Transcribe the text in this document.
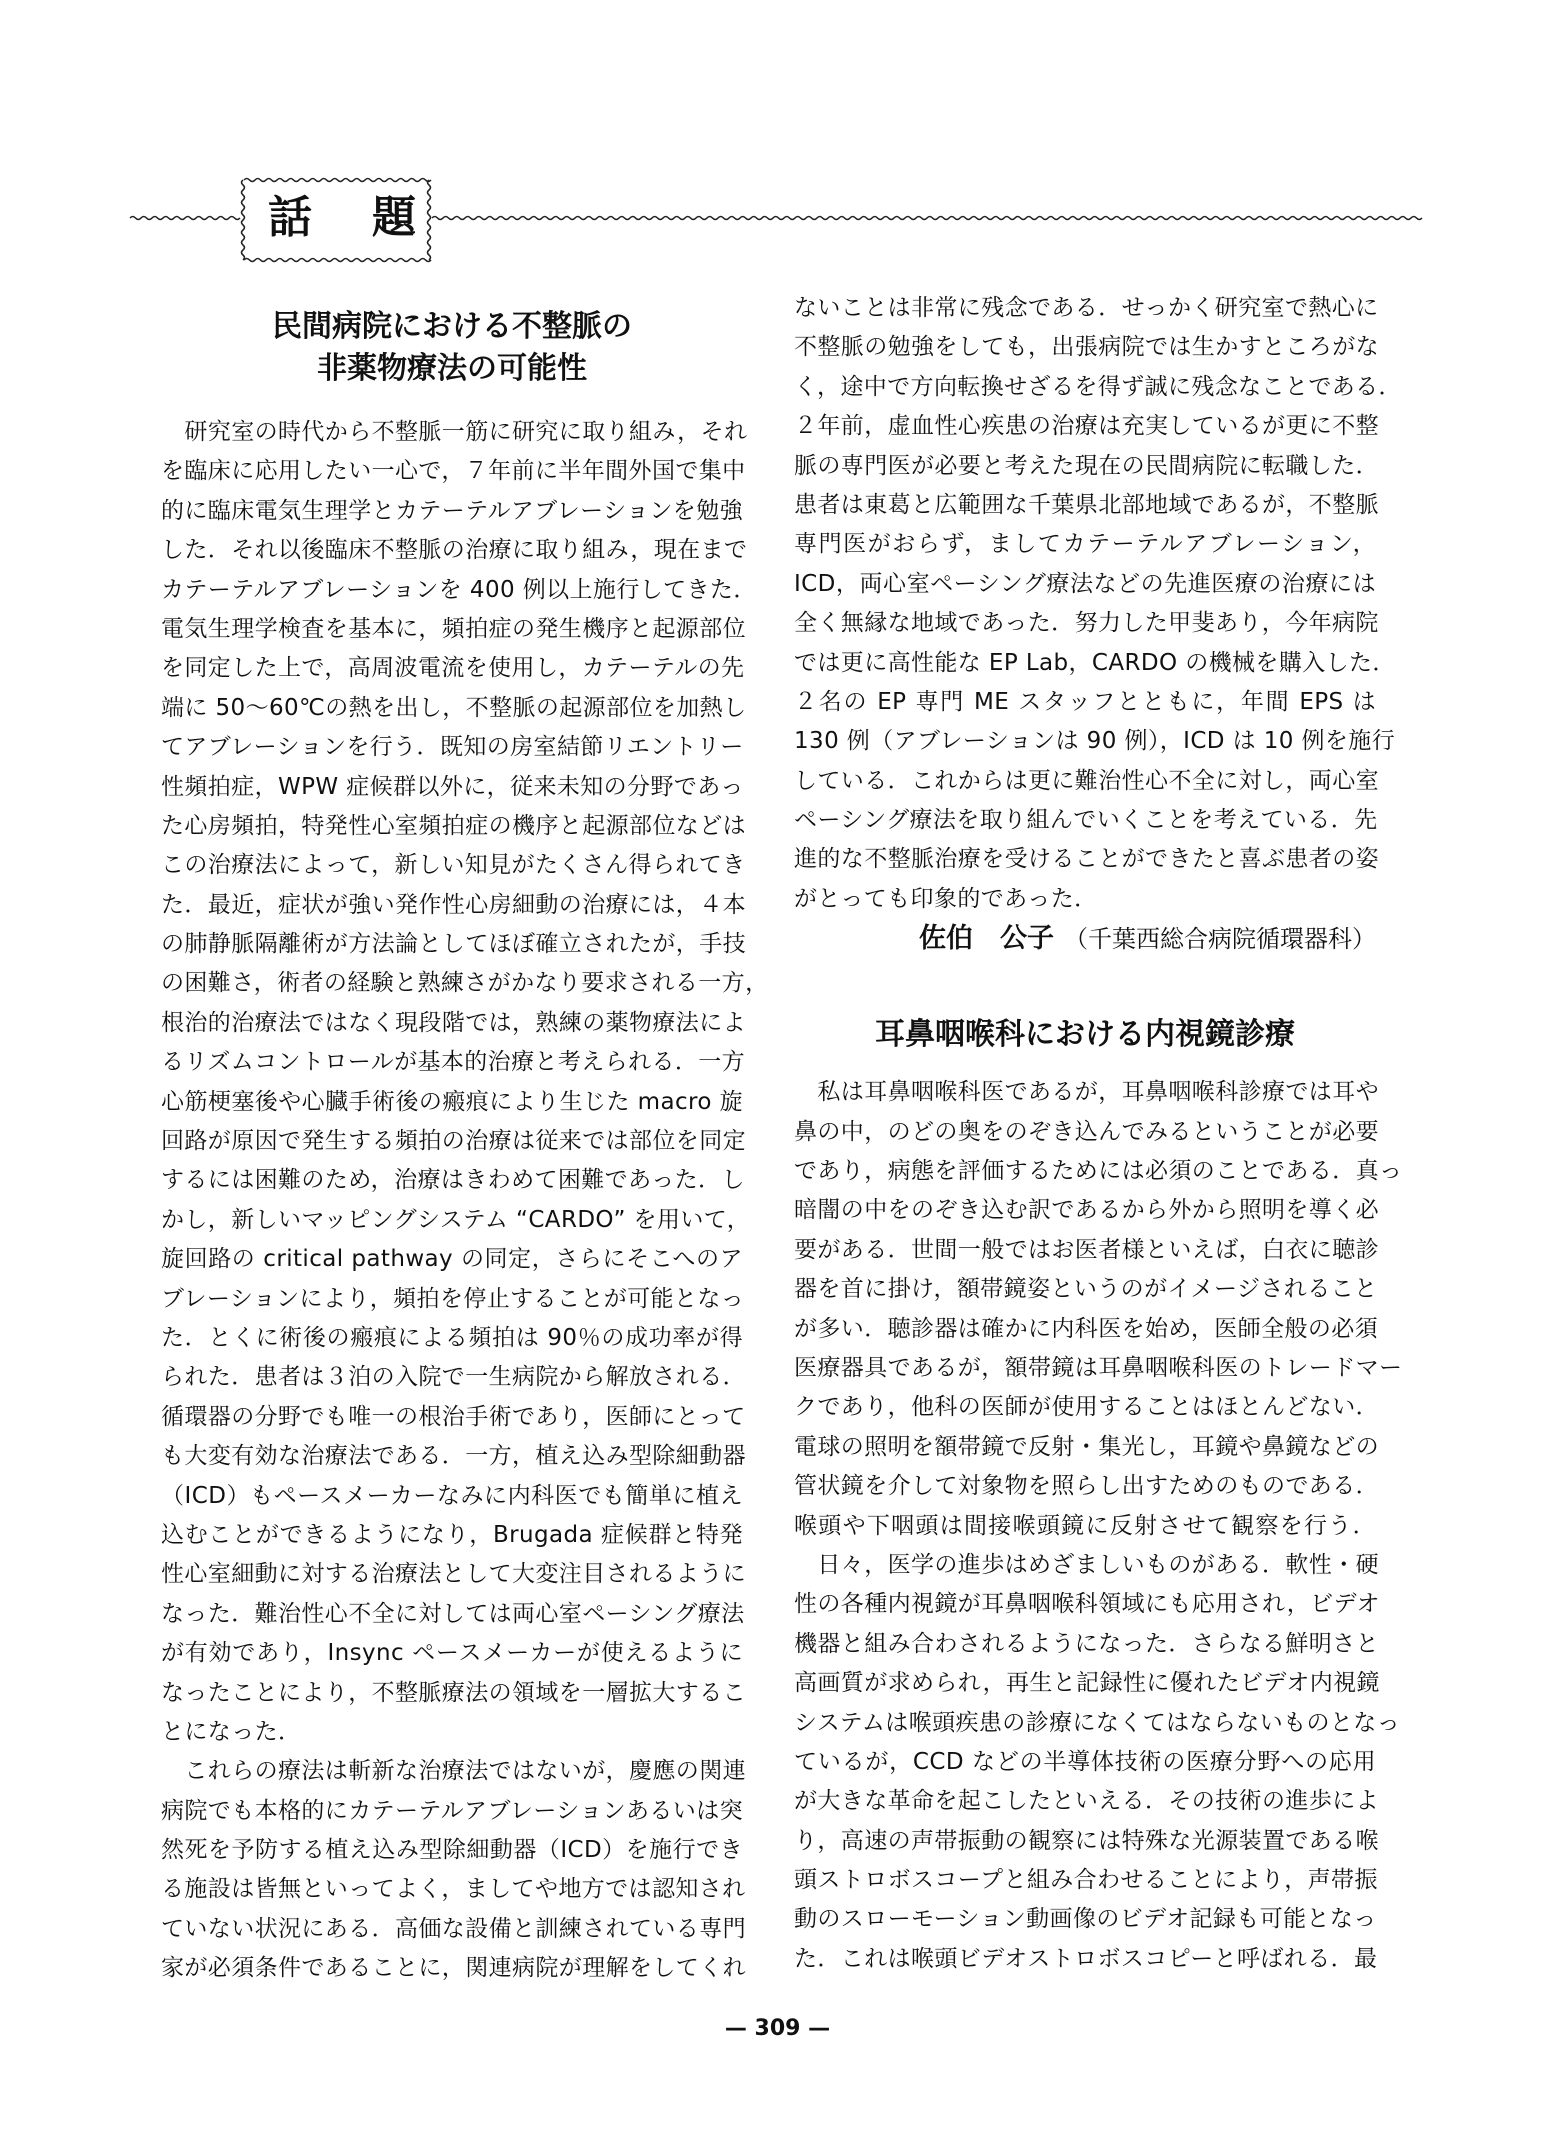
話 題
民間病院における不整脈の
非薬物療法の可能性
　研究室の時代から不整脈一筋に研究に取り組み，それ
を臨床に応用したい一心で，７年前に半年間外国で集中
的に臨床電気生理学とカテーテルアブレーションを勉強
した．それ以後臨床不整脈の治療に取り組み，現在まで
カテーテルアブレーションを 400 例以上施行してきた．
電気生理学検査を基本に，頻拍症の発生機序と起源部位
を同定した上で，高周波電流を使用し，カテーテルの先
端に 50～60℃の熱を出し，不整脈の起源部位を加熱し
てアブレーションを行う．既知の房室結節リエントリー
性頻拍症，WPW 症候群以外に，従来未知の分野であっ
た心房頻拍，特発性心室頻拍症の機序と起源部位などは
この治療法によって，新しい知見がたくさん得られてき
た．最近，症状が強い発作性心房細動の治療には，４本
の肺静脈隔離術が方法論としてほぼ確立されたが，手技
の困難さ，術者の経験と熟練さがかなり要求される一方，
根治的治療法ではなく現段階では，熟練の薬物療法によ
るリズムコントロールが基本的治療と考えられる．一方
心筋梗塞後や心臓手術後の瘢痕により生じた macro 旋
回路が原因で発生する頻拍の治療は従来では部位を同定
するには困難のため，治療はきわめて困難であった．し
かし，新しいマッピングシステム “CARDO” を用いて，
旋回路の critical pathway の同定，さらにそこへのア
ブレーションにより，頻拍を停止することが可能となっ
た．とくに術後の瘢痕による頻拍は 90％の成功率が得
られた．患者は３泊の入院で一生病院から解放される．
循環器の分野でも唯一の根治手術であり，医師にとって
も大変有効な治療法である．一方，植え込み型除細動器
（ICD）もペースメーカーなみに内科医でも簡単に植え
込むことができるようになり，Brugada 症候群と特発
性心室細動に対する治療法として大変注目されるように
なった．難治性心不全に対しては両心室ペーシング療法
が有効であり，Insync ペースメーカーが使えるように
なったことにより，不整脈療法の領域を一層拡大するこ
とになった．
　これらの療法は斬新な治療法ではないが，慶應の関連
病院でも本格的にカテーテルアブレーションあるいは突
然死を予防する植え込み型除細動器（ICD）を施行でき
る施設は皆無といってよく，ましてや地方では認知され
ていない状況にある．高価な設備と訓練されている専門
家が必須条件であることに，関連病院が理解をしてくれ
ないことは非常に残念である．せっかく研究室で熱心に
不整脈の勉強をしても，出張病院では生かすところがな
く，途中で方向転換せざるを得ず誠に残念なことである．
２年前，虚血性心疾患の治療は充実しているが更に不整
脈の専門医が必要と考えた現在の民間病院に転職した．
患者は東葛と広範囲な千葉県北部地域であるが，不整脈
専門医がおらず，ましてカテーテルアブレーション，
ICD，両心室ペーシング療法などの先進医療の治療には
全く無縁な地域であった．努力した甲斐あり，今年病院
では更に高性能な EP Lab，CARDO の機械を購入した．
２名の EP 専門 ME スタッフとともに，年間 EPS は
130 例（アブレーションは 90 例），ICD は 10 例を施行
している．これからは更に難治性心不全に対し，両心室
ペーシング療法を取り組んでいくことを考えている．先
進的な不整脈治療を受けることができたと喜ぶ患者の姿
がとっても印象的であった．
佐伯　公子 （千葉西総合病院循環器科）
耳鼻咽喉科における内視鏡診療
　私は耳鼻咽喉科医であるが，耳鼻咽喉科診療では耳や
鼻の中，のどの奥をのぞき込んでみるということが必要
であり，病態を評価するためには必須のことである．真っ
暗闇の中をのぞき込む訳であるから外から照明を導く必
要がある．世間一般ではお医者様といえば，白衣に聴診
器を首に掛け，額帯鏡姿というのがイメージされること
が多い．聴診器は確かに内科医を始め，医師全般の必須
医療器具であるが，額帯鏡は耳鼻咽喉科医のトレードマー
クであり，他科の医師が使用することはほとんどない．
電球の照明を額帯鏡で反射・集光し，耳鏡や鼻鏡などの
管状鏡を介して対象物を照らし出すためのものである．
喉頭や下咽頭は間接喉頭鏡に反射させて観察を行う．
　日々，医学の進歩はめざましいものがある．軟性・硬
性の各種内視鏡が耳鼻咽喉科領域にも応用され，ビデオ
機器と組み合わされるようになった．さらなる鮮明さと
高画質が求められ，再生と記録性に優れたビデオ内視鏡
システムは喉頭疾患の診療になくてはならないものとなっ
ているが，CCD などの半導体技術の医療分野への応用
が大きな革命を起こしたといえる．その技術の進歩によ
り，高速の声帯振動の観察には特殊な光源装置である喉
頭ストロボスコープと組み合わせることにより，声帯振
動のスローモーション動画像のビデオ記録も可能となっ
た．これは喉頭ビデオストロボスコピーと呼ばれる．最
— 309 —
